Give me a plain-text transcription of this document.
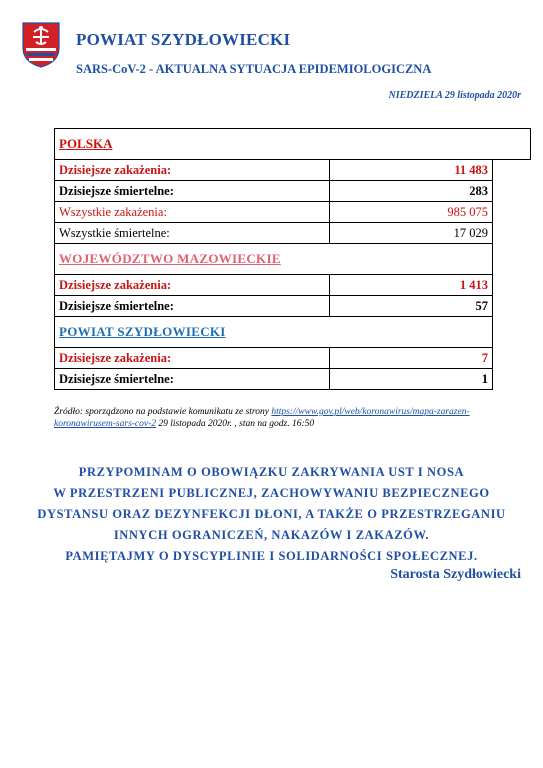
POWIAT SZYDŁOWIECKI
SARS-CoV-2 - AKTUALNA SYTUACJA EPIDEMIOLOGICZNA
NIEDZIELA 29 listopada 2020r
POLSKA		
Dzisiejsze zakażenia:	11 483	
Dzisiejsze śmiertelne:	283	
Wszystkie zakażenia:	985 075	
Wszystkie śmiertelne:	17 029	
WOJEWÓDZTWO MAZOWIECKIE		
Dzisiejsze zakażenia:	1 413	
Dzisiejsze śmiertelne:	57	
POWIAT SZYDŁOWIECKI		
Dzisiejsze zakażenia:	7	
Dzisiejsze śmiertelne:	1	
Źródło: sporządzono na podstawie komunikatu ze strony https://www.gov.pl/web/koronawirus/mapa-zarazen-koronawirusem-sars-cov-2 29 listopada 2020r. , stan na godz. 16:50
PRZYPOMINAM O OBOWIĄZKU ZAKRYWANIA UST I NOSA
W PRZESTRZENI PUBLICZNEJ, ZACHOWYWANIU BEZPIECZNEGO
DYSTANSU ORAZ DEZYNFEKCJI DŁONI, A TAKŻE O PRZESTRZEGANIU
INNYCH OGRANICZEŃ, NAKAZÓW I ZAKAZÓW.
PAMIĘTAJMY O DYSCYPLINIE I SOLIDARNOŚCI SPOŁECZNEJ.
Starosta Szydłowiecki
